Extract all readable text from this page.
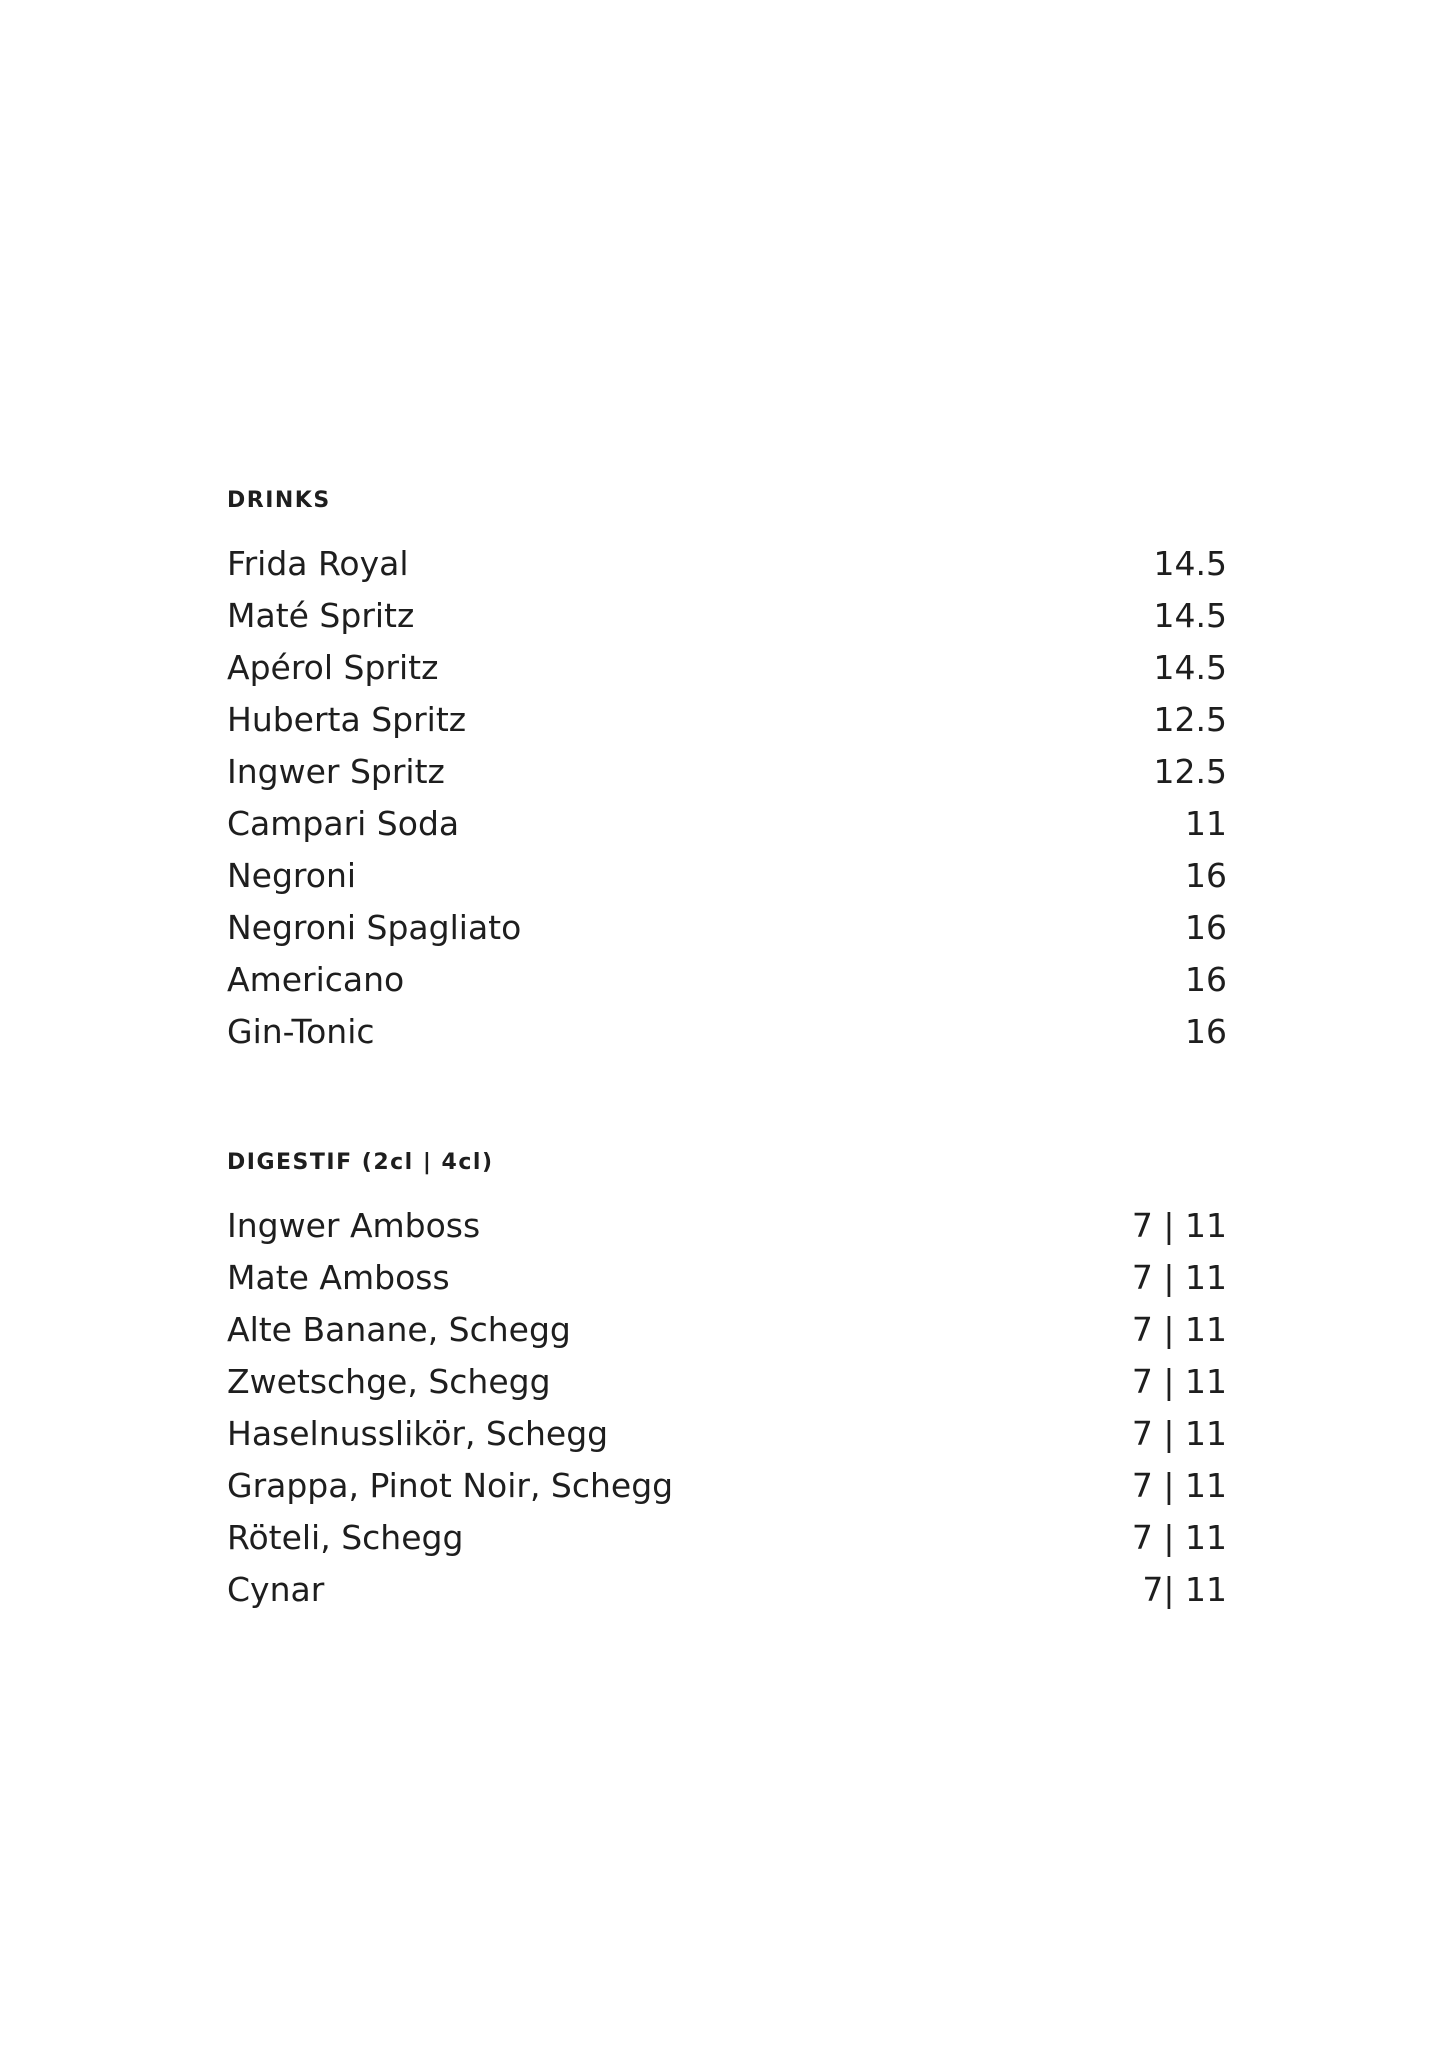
DRINKS
Frida Royal	14.5
Maté Spritz	14.5
Apérol Spritz	14.5
Huberta Spritz	12.5
Ingwer Spritz	12.5
Campari Soda	11
Negroni	16
Negroni Spagliato	16
Americano	16
Gin-Tonic	16
DIGESTIF (2cl | 4cl)
Ingwer Amboss	7 | 11
Mate Amboss	7 | 11
Alte Banane, Schegg	7 | 11
Zwetschge, Schegg	7 | 11
Haselnusslikör, Schegg	7 | 11
Grappa, Pinot Noir, Schegg	7 | 11
Röteli, Schegg	7 | 11
Cynar	7| 11
